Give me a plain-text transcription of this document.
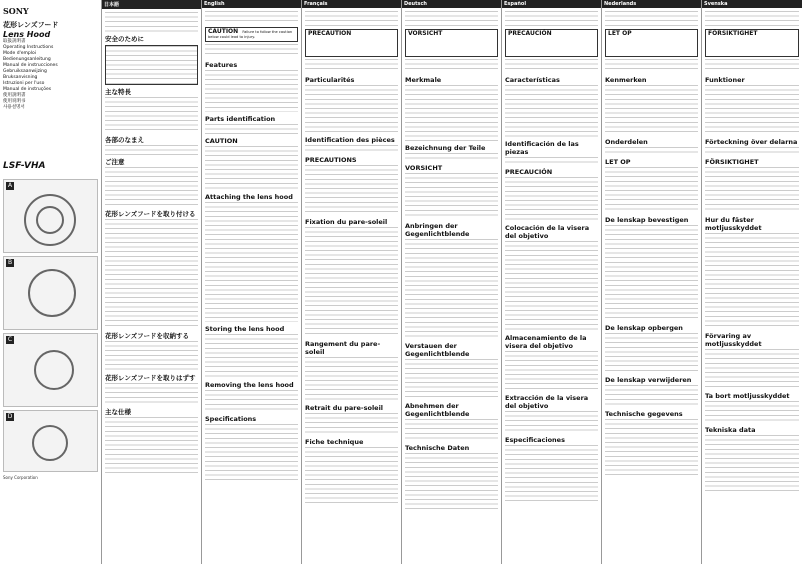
SONY
花形レンズフード
Lens Hood
取扱説明書
Operating Instructions
Mode d'emploi
Bedienungsanleitung
Manual de instrucciones
Gebruiksaanwijzing
Bruksanvisning
Istruzioni per l'uso
Manual de instruções
使用說明書
使用说明书
사용설명서
LSF-VHA
A
B
C
D
Sony Corporation
日本語
安全のために
主な特長
各部のなまえ
ご注意
花形レンズフードを取り付ける
花形レンズフードを収納する
花形レンズフードを取りはずす
主な仕様
English
CAUTION Failure to follow the caution below could lead to injury.
Features
Parts identification
CAUTION
Attaching the lens hood
Storing the lens hood
Removing the lens hood
Specifications
Français
PRECAUTION
Particularités
Identification des pièces
PRECAUTIONS
Fixation du pare-soleil
Rangement du pare-soleil
Retrait du pare-soleil
Fiche technique
Deutsch
VORSICHT
Merkmale
Bezeichnung der Teile
VORSICHT
Anbringen der Gegenlichtblende
Verstauen der Gegenlichtblende
Abnehmen der Gegenlichtblende
Technische Daten
Español
PRECAUCIÓN
Características
Identificación de las piezas
PRECAUCIÓN
Colocación de la visera del objetivo
Almacenamiento de la visera del objetivo
Extracción de la visera del objetivo
Especificaciones
Nederlands
LET OP
Kenmerken
Onderdelen
LET OP
De lenskap bevestigen
De lenskap opbergen
De lenskap verwijderen
Technische gegevens
Svenska
FÖRSIKTIGHET
Funktioner
Förteckning över delarna
FÖRSIKTIGHET
Hur du fäster motljusskyddet
Förvaring av motljusskyddet
Ta bort motljusskyddet
Tekniska data
